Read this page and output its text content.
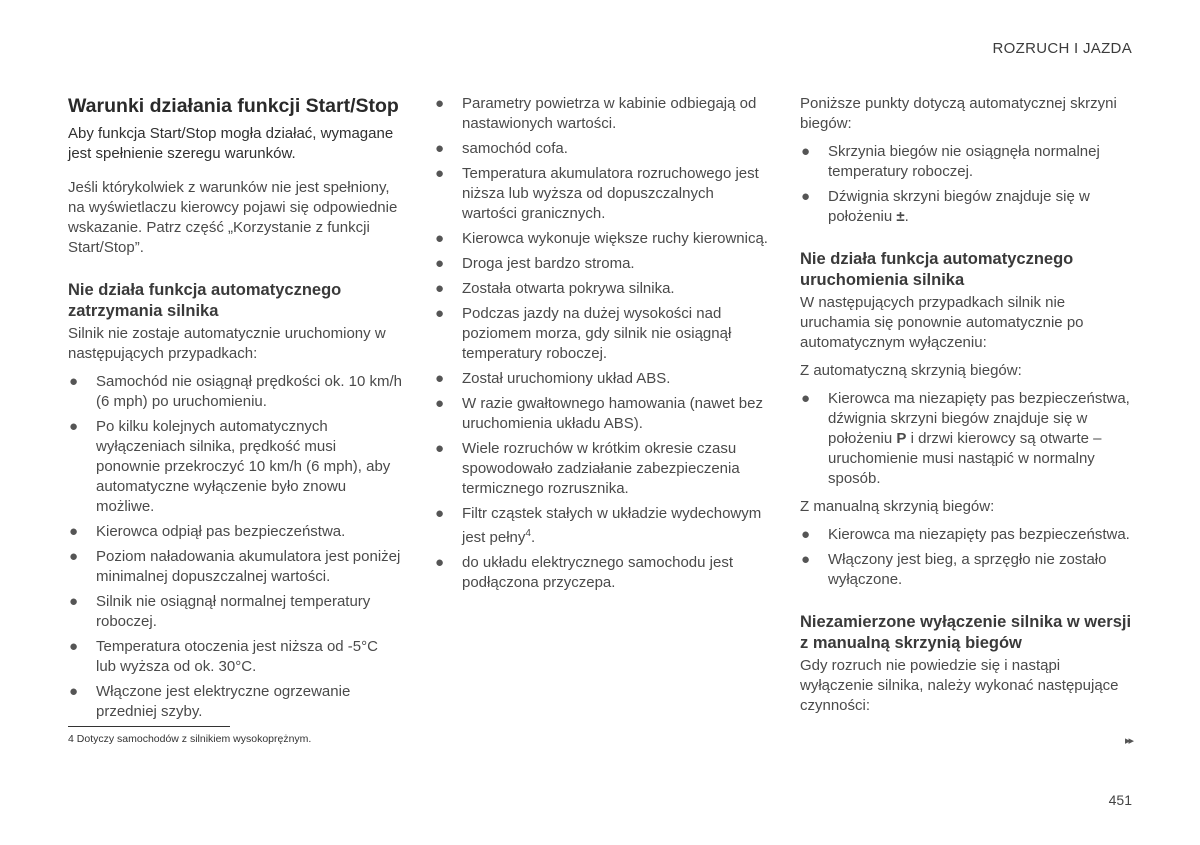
ROZRUCH I JAZDA
Warunki działania funkcji Start/Stop
Aby funkcja Start/Stop mogła działać, wymagane jest spełnienie szeregu warunków.
Jeśli którykolwiek z warunków nie jest spełniony, na wyświetlaczu kierowcy pojawi się odpowiednie wskazanie. Patrz część „Korzystanie z funkcji Start/Stop”.
Nie działa funkcja automatycznego zatrzymania silnika
Silnik nie zostaje automatycznie uruchomiony w następujących przypadkach:
● Samochód nie osiągnął prędkości ok. 10 km/h (6 mph) po uruchomieniu.
● Po kilku kolejnych automatycznych wyłączeniach silnika, prędkość musi ponownie przekroczyć 10 km/h (6 mph), aby automatyczne wyłączenie było znowu możliwe.
● Kierowca odpiął pas bezpieczeństwa.
● Poziom naładowania akumulatora jest poniżej minimalnej dopuszczalnej wartości.
● Silnik nie osiągnął normalnej temperatury roboczej.
● Temperatura otoczenia jest niższa od -5°C lub wyższa od ok. 30°C.
● Włączone jest elektryczne ogrzewanie przedniej szyby.
● Parametry powietrza w kabinie odbiegają od nastawionych wartości.
● samochód cofa.
● Temperatura akumulatora rozruchowego jest niższa lub wyższa od dopuszczalnych wartości granicznych.
● Kierowca wykonuje większe ruchy kierownicą.
● Droga jest bardzo stroma.
● Została otwarta pokrywa silnika.
● Podczas jazdy na dużej wysokości nad poziomem morza, gdy silnik nie osiągnął temperatury roboczej.
● Został uruchomiony układ ABS.
● W razie gwałtownego hamowania (nawet bez uruchomienia układu ABS).
● Wiele rozruchów w krótkim okresie czasu spowodowało zadziałanie zabezpieczenia termicznego rozrusznika.
● Filtr cząstek stałych w układzie wydechowym jest pełny$^4$.
● do układu elektrycznego samochodu jest podłączona przyczepa.
Poniższe punkty dotyczą automatycznej skrzyni biegów:
● Skrzynia biegów nie osiągnęła normalnej temperatury roboczej.
● Dźwignia skrzyni biegów znajduje się w położeniu ±.
Nie działa funkcja automatycznego uruchomienia silnika
W następujących przypadkach silnik nie uruchamia się ponownie automatycznie po automatycznym wyłączeniu:
Z automatyczną skrzynią biegów:
● Kierowca ma niezapięty pas bezpieczeństwa, dźwignia skrzyni biegów znajduje się w położeniu P i drzwi kierowcy są otwarte – uruchomienie musi nastąpić w normalny sposób.
Z manualną skrzynią biegów:
● Kierowca ma niezapięty pas bezpieczeństwa.
● Włączony jest bieg, a sprzęgło nie zostało wyłączone.
Niezamierzone wyłączenie silnika w wersji z manualną skrzynią biegów
Gdy rozruch nie powiedzie się i nastąpi wyłączenie silnika, należy wykonać następujące czynności:
4 Dotyczy samochodów z silnikiem wysokoprężnym.	▸▸
451
